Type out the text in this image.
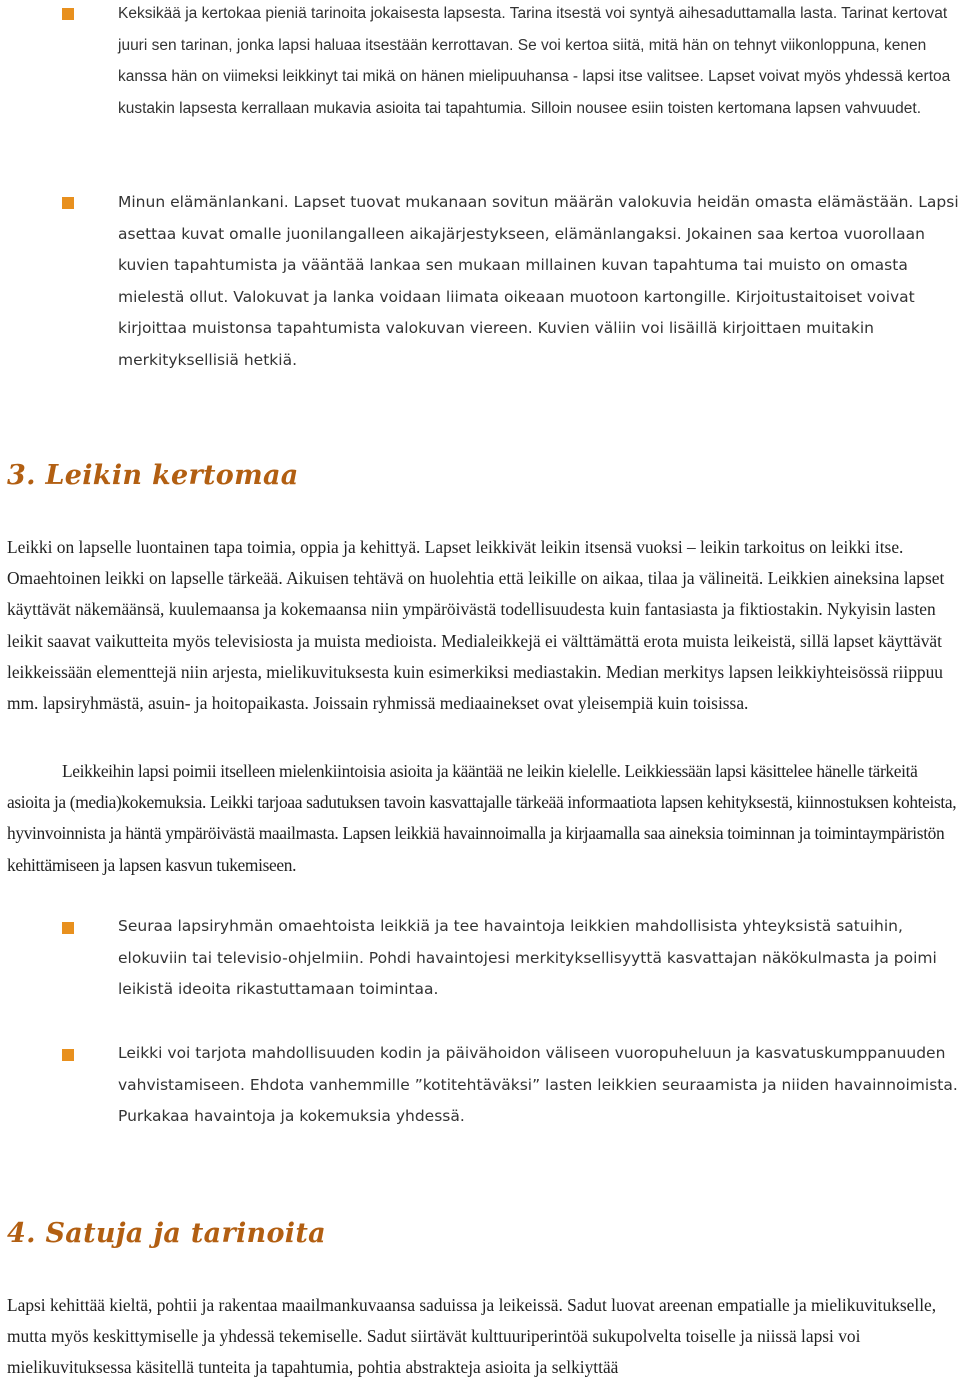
Keksikää ja kertokaa pieniä tarinoita jokaisesta lapsesta. Tarina itsestä voi syntyä aihesaduttamalla lasta. Tarinat kertovat juuri sen tarinan, jonka lapsi haluaa itsestään kerrottavan. Se voi kertoa siitä, mitä hän on tehnyt viikonloppuna, kenen kanssa hän on viimeksi leikkinyt tai mikä on hänen mielipuuhansa - lapsi itse valitsee. Lapset voivat myös yhdessä kertoa kustakin lapsesta kerrallaan mukavia asioita tai tapahtumia. Silloin nousee esiin toisten kertomana lapsen vahvuudet.

Minun elämänlankani. Lapset tuovat mukanaan sovitun määrän valokuvia heidän omasta elämästään. Lapsi asettaa kuvat omalle juonilangalleen aikajärjestykseen, elämänlangaksi. Jokainen saa kertoa vuorollaan kuvien tapahtumista ja vääntää lankaa sen mukaan millainen kuvan tapahtuma tai muisto on omasta mielestä ollut. Valokuvat ja lanka voidaan liimata oikeaan muotoon kartongille. Kirjoitustaitoiset voivat kirjoittaa muistonsa tapahtumista valokuvan viereen. Kuvien väliin voi lisäillä kirjoittaen muitakin merkityksellisiä hetkiä.

3. Leikin kertomaa

Leikki on lapselle luontainen tapa toimia, oppia ja kehittyä. Lapset leikkivät leikin itsensä vuoksi – leikin tarkoitus on leikki itse. Omaehtoinen leikki on lapselle tärkeää. Aikuisen tehtävä on huolehtia että leikille on aikaa, tilaa ja välineitä. Leikkien aineksina lapset käyttävät näkemäänsä, kuulemaansa ja kokemaansa niin ympäröivästä todellisuudesta kuin fantasiasta ja fiktiostakin. Nykyisin lasten leikit saavat vaikutteita myös televisiosta ja muista medioista. Medialeikkejä ei välttämättä erota muista leikeistä, sillä lapset käyttävät leikkeissään elementtejä niin arjesta, mielikuvituksesta kuin esimerkiksi mediastakin. Median merkitys lapsen leikkiyhteisössä riippuu mm. lapsiryhmästä, asuin- ja hoitopaikasta. Joissain ryhmissä mediaainekset ovat yleisempiä kuin toisissa.

Leikkeihin lapsi poimii itselleen mielenkiintoisia asioita ja kääntää ne leikin kielelle. Leikkiessään lapsi käsittelee hänelle tärkeitä asioita ja (media)kokemuksia. Leikki tarjoaa sadutuksen tavoin kasvattajalle tärkeää informaatiota lapsen kehityksestä, kiinnostuksen kohteista, hyvinvoinnista ja häntä ympäröivästä maailmasta. Lapsen leikkiä havainnoimalla ja kirjaamalla saa aineksia toiminnan ja toimintaympäristön kehittämiseen ja lapsen kasvun tukemiseen.

Seuraa lapsiryhmän omaehtoista leikkiä ja tee havaintoja leikkien mahdollisista yhteyksistä satuihin, elokuviin tai televisio-ohjelmiin. Pohdi havaintojesi merkityksellisyyttä kasvattajan näkökulmasta ja poimi leikistä ideoita rikastuttamaan toimintaa.

Leikki voi tarjota mahdollisuuden kodin ja päivähoidon väliseen vuoropuheluun ja kasvatuskumppanuuden vahvistamiseen. Ehdota vanhemmille ”kotitehtäväksi” lasten leikkien seuraamista ja niiden havainnoimista. Purkakaa havaintoja ja kokemuksia yhdessä.

4. Satuja ja tarinoita

Lapsi kehittää kieltä, pohtii ja rakentaa maailmankuvaansa saduissa ja leikeissä. Sadut luovat areenan empatialle ja mielikuvitukselle, mutta myös keskittymiselle ja yhdessä tekemiselle. Sadut siirtävät kulttuuriperintöä sukupolvelta toiselle ja niissä lapsi voi mielikuvituksessa käsitellä tunteita ja tapahtumia, pohtia abstrakteja asioita ja selkiyttää
